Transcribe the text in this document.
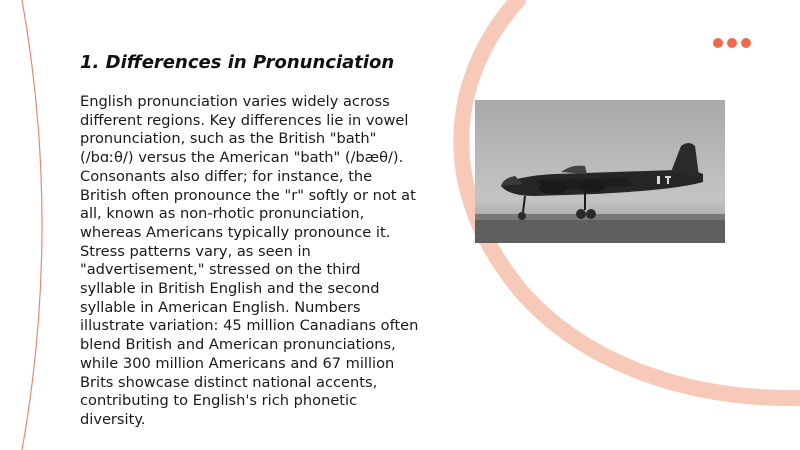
1. Differences in Pronunciation

English pronunciation varies widely across different regions. Key differences lie in vowel pronunciation, such as the British "bath" (/bɑːθ/) versus the American "bath" (/bæθ/). Consonants also differ; for instance, the British often pronounce the "r" softly or not at all, known as non-rhotic pronunciation, whereas Americans typically pronounce it. Stress patterns vary, as seen in "advertisement," stressed on the third syllable in British English and the second syllable in American English. Numbers illustrate variation: 45 million Canadians often blend British and American pronunciations, while 300 million Americans and 67 million Brits showcase distinct national accents, contributing to English's rich phonetic diversity.
